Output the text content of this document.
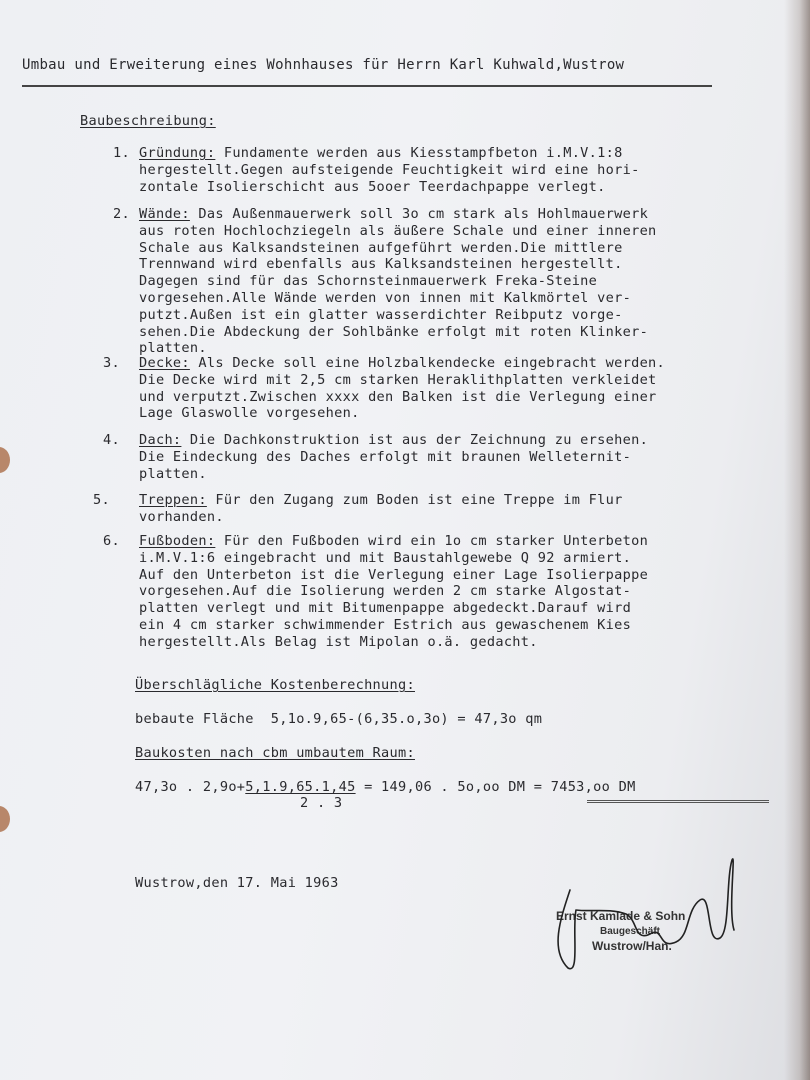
Umbau und Erweiterung eines Wohnhauses für Herrn Karl Kuhwald,Wustrow
Baubeschreibung:
1. Gründung: Fundamente werden aus Kiesstampfbeton i.M.V.1:8
hergestellt.Gegen aufsteigende Feuchtigkeit wird eine hori-
zontale Isolierschicht aus 5ooer Teerdachpappe verlegt.
2. Wände: Das Außenmauerwerk soll 3o cm stark als Hohlmauerwerk
aus roten Hochlochziegeln als äußere Schale und einer inneren
Schale aus Kalksandsteinen aufgeführt werden.Die mittlere
Trennwand wird ebenfalls aus Kalksandsteinen hergestellt.
Dagegen sind für das Schornsteinmauerwerk Freka-Steine
vorgesehen.Alle Wände werden von innen mit Kalkmörtel ver-
putzt.Außen ist ein glatter wasserdichter Reibputz vorge-
sehen.Die Abdeckung der Sohlbänke erfolgt mit roten Klinker-
platten.
3. Decke: Als Decke soll eine Holzbalkendecke eingebracht werden.
Die Decke wird mit 2,5 cm starken Heraklithplatten verkleidet
und verputzt.Zwischen xxxx den Balken ist die Verlegung einer
Lage Glaswolle vorgesehen.
4. Dach: Die Dachkonstruktion ist aus der Zeichnung zu ersehen.
Die Eindeckung des Daches erfolgt mit braunen Welleternit-
platten.
5. Treppen: Für den Zugang zum Boden ist eine Treppe im Flur
vorhanden.
6. Fußboden: Für den Fußboden wird ein 1o cm starker Unterbeton
i.M.V.1:6 eingebracht und mit Baustahlgewebe Q 92 armiert.
Auf den Unterbeton ist die Verlegung einer Lage Isolierpappe
vorgesehen.Auf die Isolierung werden 2 cm starke Algostat-
platten verlegt und mit Bitumenpappe abgedeckt.Darauf wird
ein 4 cm starker schwimmender Estrich aus gewaschenem Kies
hergestellt.Als Belag ist Mipolan o.ä. gedacht.
Überschlägliche Kostenberechnung:
bebaute Fläche  5,1o.9,65-(6,35.o,3o) = 47,3o qm
Baukosten nach cbm umbautem Raum:
47,3o . 2,9o+5,1.9,65.1,45 = 149,06 . 5o,oo DM = 7453,oo DM
2 . 3
Wustrow,den 17. Mai 1963
Ernst Kamlade & Sohn
Baugeschäft
Wustrow/Han.
